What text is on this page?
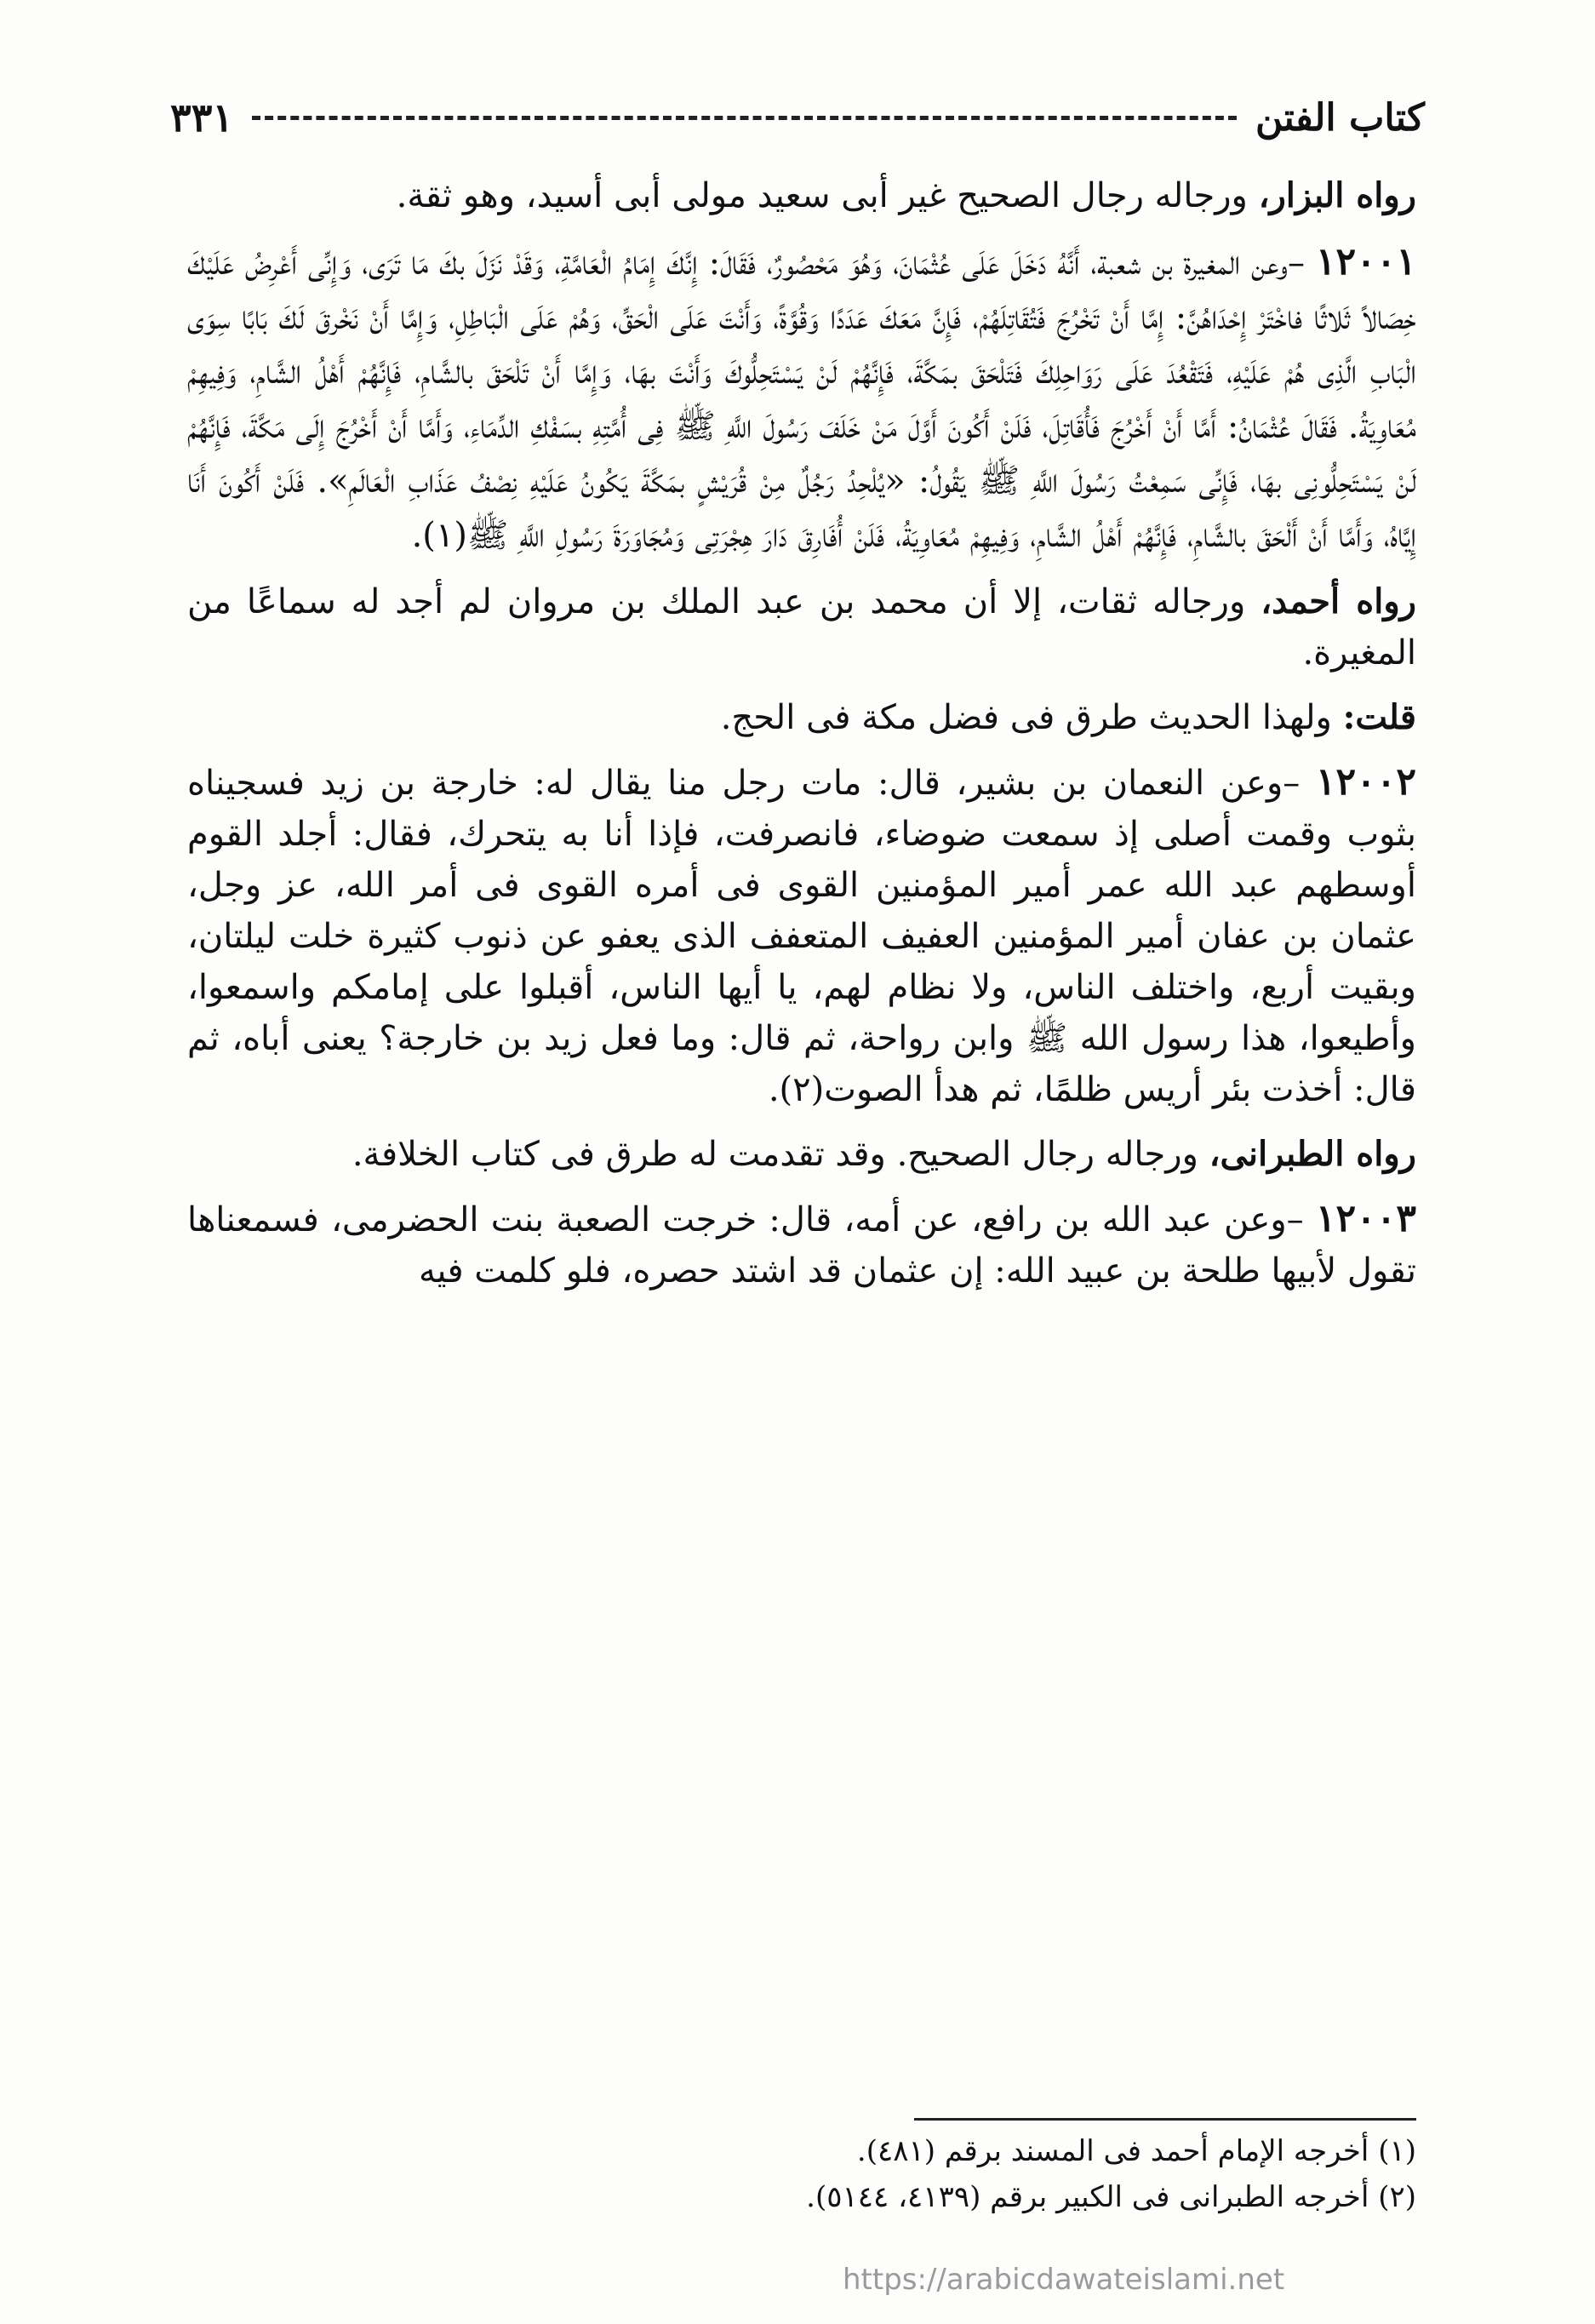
كتاب الفتن
٣٣١

رواه البزار، ورجاله رجال الصحيح غير أبى سعيد مولى أبى أسيد، وهو ثقة.

١٢٠٠١ –وعن المغيرة بن شعبة، أَنَّهُ دَخَلَ عَلَى عُثْمَانَ، وَهُوَ مَحْصُورٌ، فَقَالَ: إِنَّكَ إِمَامُ الْعَامَّةِ، وَقَدْ نَزَلَ بكَ مَا تَرَى، وَإِنِّى أَعْرِضُ عَلَيْكَ خِصَالاً ثَلاثًا فاخْتَرْ إِحْدَاهُنَّ: إِمَّا أَنْ تَخْرُجَ فَتُقَاتِلَهُمْ، فَإِنَّ مَعَكَ عَدَدًا وَقُوَّةً، وَأَنْتَ عَلَى الْحَقِّ، وَهُمْ عَلَى الْبَاطِلِ، وَإِمَّا أَنْ نَخْرقَ لَكَ بَابًا سِوَى الْبَابِ الَّذِى هُمْ عَلَيْهِ، فَتَقْعُدَ عَلَى رَوَاحِلِكَ فَتَلْحَقَ بمَكَّةَ، فَإِنَّهُمْ لَنْ يَسْتَحِلُّوكَ وَأَنْتَ بهَا، وَإِمَّا أَنْ تَلْحَقَ بالشَّامِ، فَإِنَّهُمْ أَهْلُ الشَّامِ، وَفِيهِمْ مُعَاوِيَةُ. فَقَالَ عُثْمَانُ: أَمَّا أَنْ أَخْرُجَ فَأُقَاتِلَ، فَلَنْ أَكُونَ أَوَّلَ مَنْ خَلَفَ رَسُولَ اللَّهِ ﷺ فِى أُمَّتِهِ بسَفْكِ الدِّمَاءِ، وَأَمَّا أَنْ أَخْرُجَ إِلَى مَكَّةَ، فَإِنَّهُمْ لَنْ يَسْتَحِلُّونِى بهَا، فَإِنِّى سَمِعْتُ رَسُولَ اللَّهِ ﷺ يَقُولُ: «يُلْحِدُ رَجُلٌ مِنْ قُرَيْشٍ بمَكَّةَ يَكُونُ عَلَيْهِ نِصْفُ عَذَابِ الْعَالَمِ». فَلَنْ أَكُونَ أَنَا إِيَّاهُ، وَأَمَّا أَنْ أَلْحَقَ بالشَّامِ، فَإِنَّهُمْ أَهْلُ الشَّامِ، وَفِيهِمْ مُعَاوِيَةُ، فَلَنْ أُفَارِقَ دَارَ هِجْرَتِى وَمُجَاوَرَةَ رَسُولِ اللَّهِ ﷺ(١).

رواه أحمد، ورجاله ثقات، إلا أن محمد بن عبد الملك بن مروان لم أجد له سماعًا من المغيرة.

قلت: ولهذا الحديث طرق فى فضل مكة فى الحج.

١٢٠٠٢ –وعن النعمان بن بشير، قال: مات رجل منا يقال له: خارجة بن زيد فسجيناه بثوب وقمت أصلى إذ سمعت ضوضاء، فانصرفت، فإذا أنا به يتحرك، فقال: أجلد القوم أوسطهم عبد الله عمر أمير المؤمنين القوى فى أمره القوى فى أمر الله، عز وجل، عثمان بن عفان أمير المؤمنين العفيف المتعفف الذى يعفو عن ذنوب كثيرة خلت ليلتان، وبقيت أربع، واختلف الناس، ولا نظام لهم، يا أيها الناس، أقبلوا على إمامكم واسمعوا، وأطيعوا، هذا رسول الله ﷺ وابن رواحة، ثم قال: وما فعل زيد بن خارجة؟ يعنى أباه، ثم قال: أخذت بئر أريس ظلمًا، ثم هدأ الصوت(٢).

رواه الطبرانى، ورجاله رجال الصحيح. وقد تقدمت له طرق فى كتاب الخلافة.

١٢٠٠٣ –وعن عبد الله بن رافع، عن أمه، قال: خرجت الصعبة بنت الحضرمى، فسمعناها تقول لأبيها طلحة بن عبيد الله: إن عثمان قد اشتد حصره، فلو كلمت فيه

(١) أخرجه الإمام أحمد فى المسند برقم (٤٨١).
(٢) أخرجه الطبرانى فى الكبير برقم (٤١٣٩، ٥١٤٤).
https://arabicdawateislami.net
